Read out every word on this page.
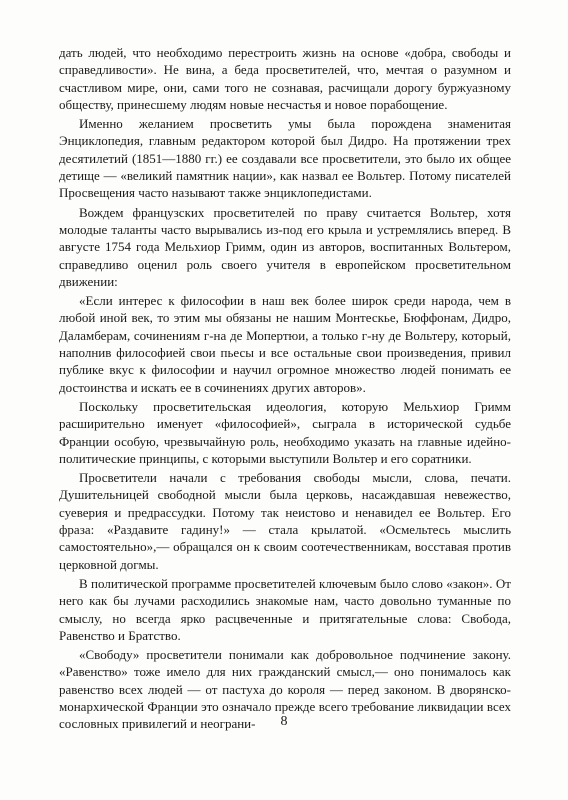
дать людей, что необходимо перестроить жизнь на основе «добра, свободы и справедливости». Не вина, а беда просветителей, что, мечтая о разумном и счастливом мире, они, сами того не сознавая, расчищали дорогу буржуазному обществу, принесшему людям новые несчастья и новое порабощение.

Именно желанием просветить умы была порождена знаменитая Энциклопедия, главным редактором которой был Дидро. На протяжении трех десятилетий (1851—1880 гг.) ее создавали все просветители, это было их общее детище — «великий памятник нации», как назвал ее Вольтер. Потому писателей Просвещения часто называют также энциклопедистами.

Вождем французских просветителей по праву считается Вольтер, хотя молодые таланты часто вырывались из-под его крыла и устремлялись вперед. В августе 1754 года Мельхиор Гримм, один из авторов, воспитанных Вольтером, справедливо оценил роль своего учителя в европейском просветительном движении:

«Если интерес к философии в наш век более широк среди народа, чем в любой иной век, то этим мы обязаны не нашим Монтескье, Бюффонам, Дидро, Даламберам, сочинениям г-на де Мопертюи, а только г-ну де Вольтеру, который, наполнив философией свои пьесы и все остальные свои произведения, привил публике вкус к философии и научил огромное множество людей понимать ее достоинства и искать ее в сочинениях других авторов».

Поскольку просветительская идеология, которую Мельхиор Гримм расширительно именует «философией», сыграла в исторической судьбе Франции особую, чрезвычайную роль, необходимо указать на главные идейно-политические принципы, с которыми выступили Вольтер и его соратники.

Просветители начали с требования свободы мысли, слова, печати. Душительницей свободной мысли была церковь, насаждавшая невежество, суеверия и предрассудки. Потому так неистово и ненавидел ее Вольтер. Его фраза: «Раздавите гадину!» — стала крылатой. «Осмельтесь мыслить самостоятельно»,— обращался он к своим соотечественникам, восставая против церковной догмы.

В политической программе просветителей ключевым было слово «закон». От него как бы лучами расходились знакомые нам, часто довольно туманные по смыслу, но всегда ярко расцвеченные и притягательные слова: Свобода, Равенство и Братство.

«Свободу» просветители понимали как добровольное подчинение закону. «Равенство» тоже имело для них гражданский смысл,— оно понималось как равенство всех людей — от пастуха до короля — перед законом. В дворянско-монархической Франции это означало прежде всего требование ликвидации всех сословных привилегий и неограни-	8
